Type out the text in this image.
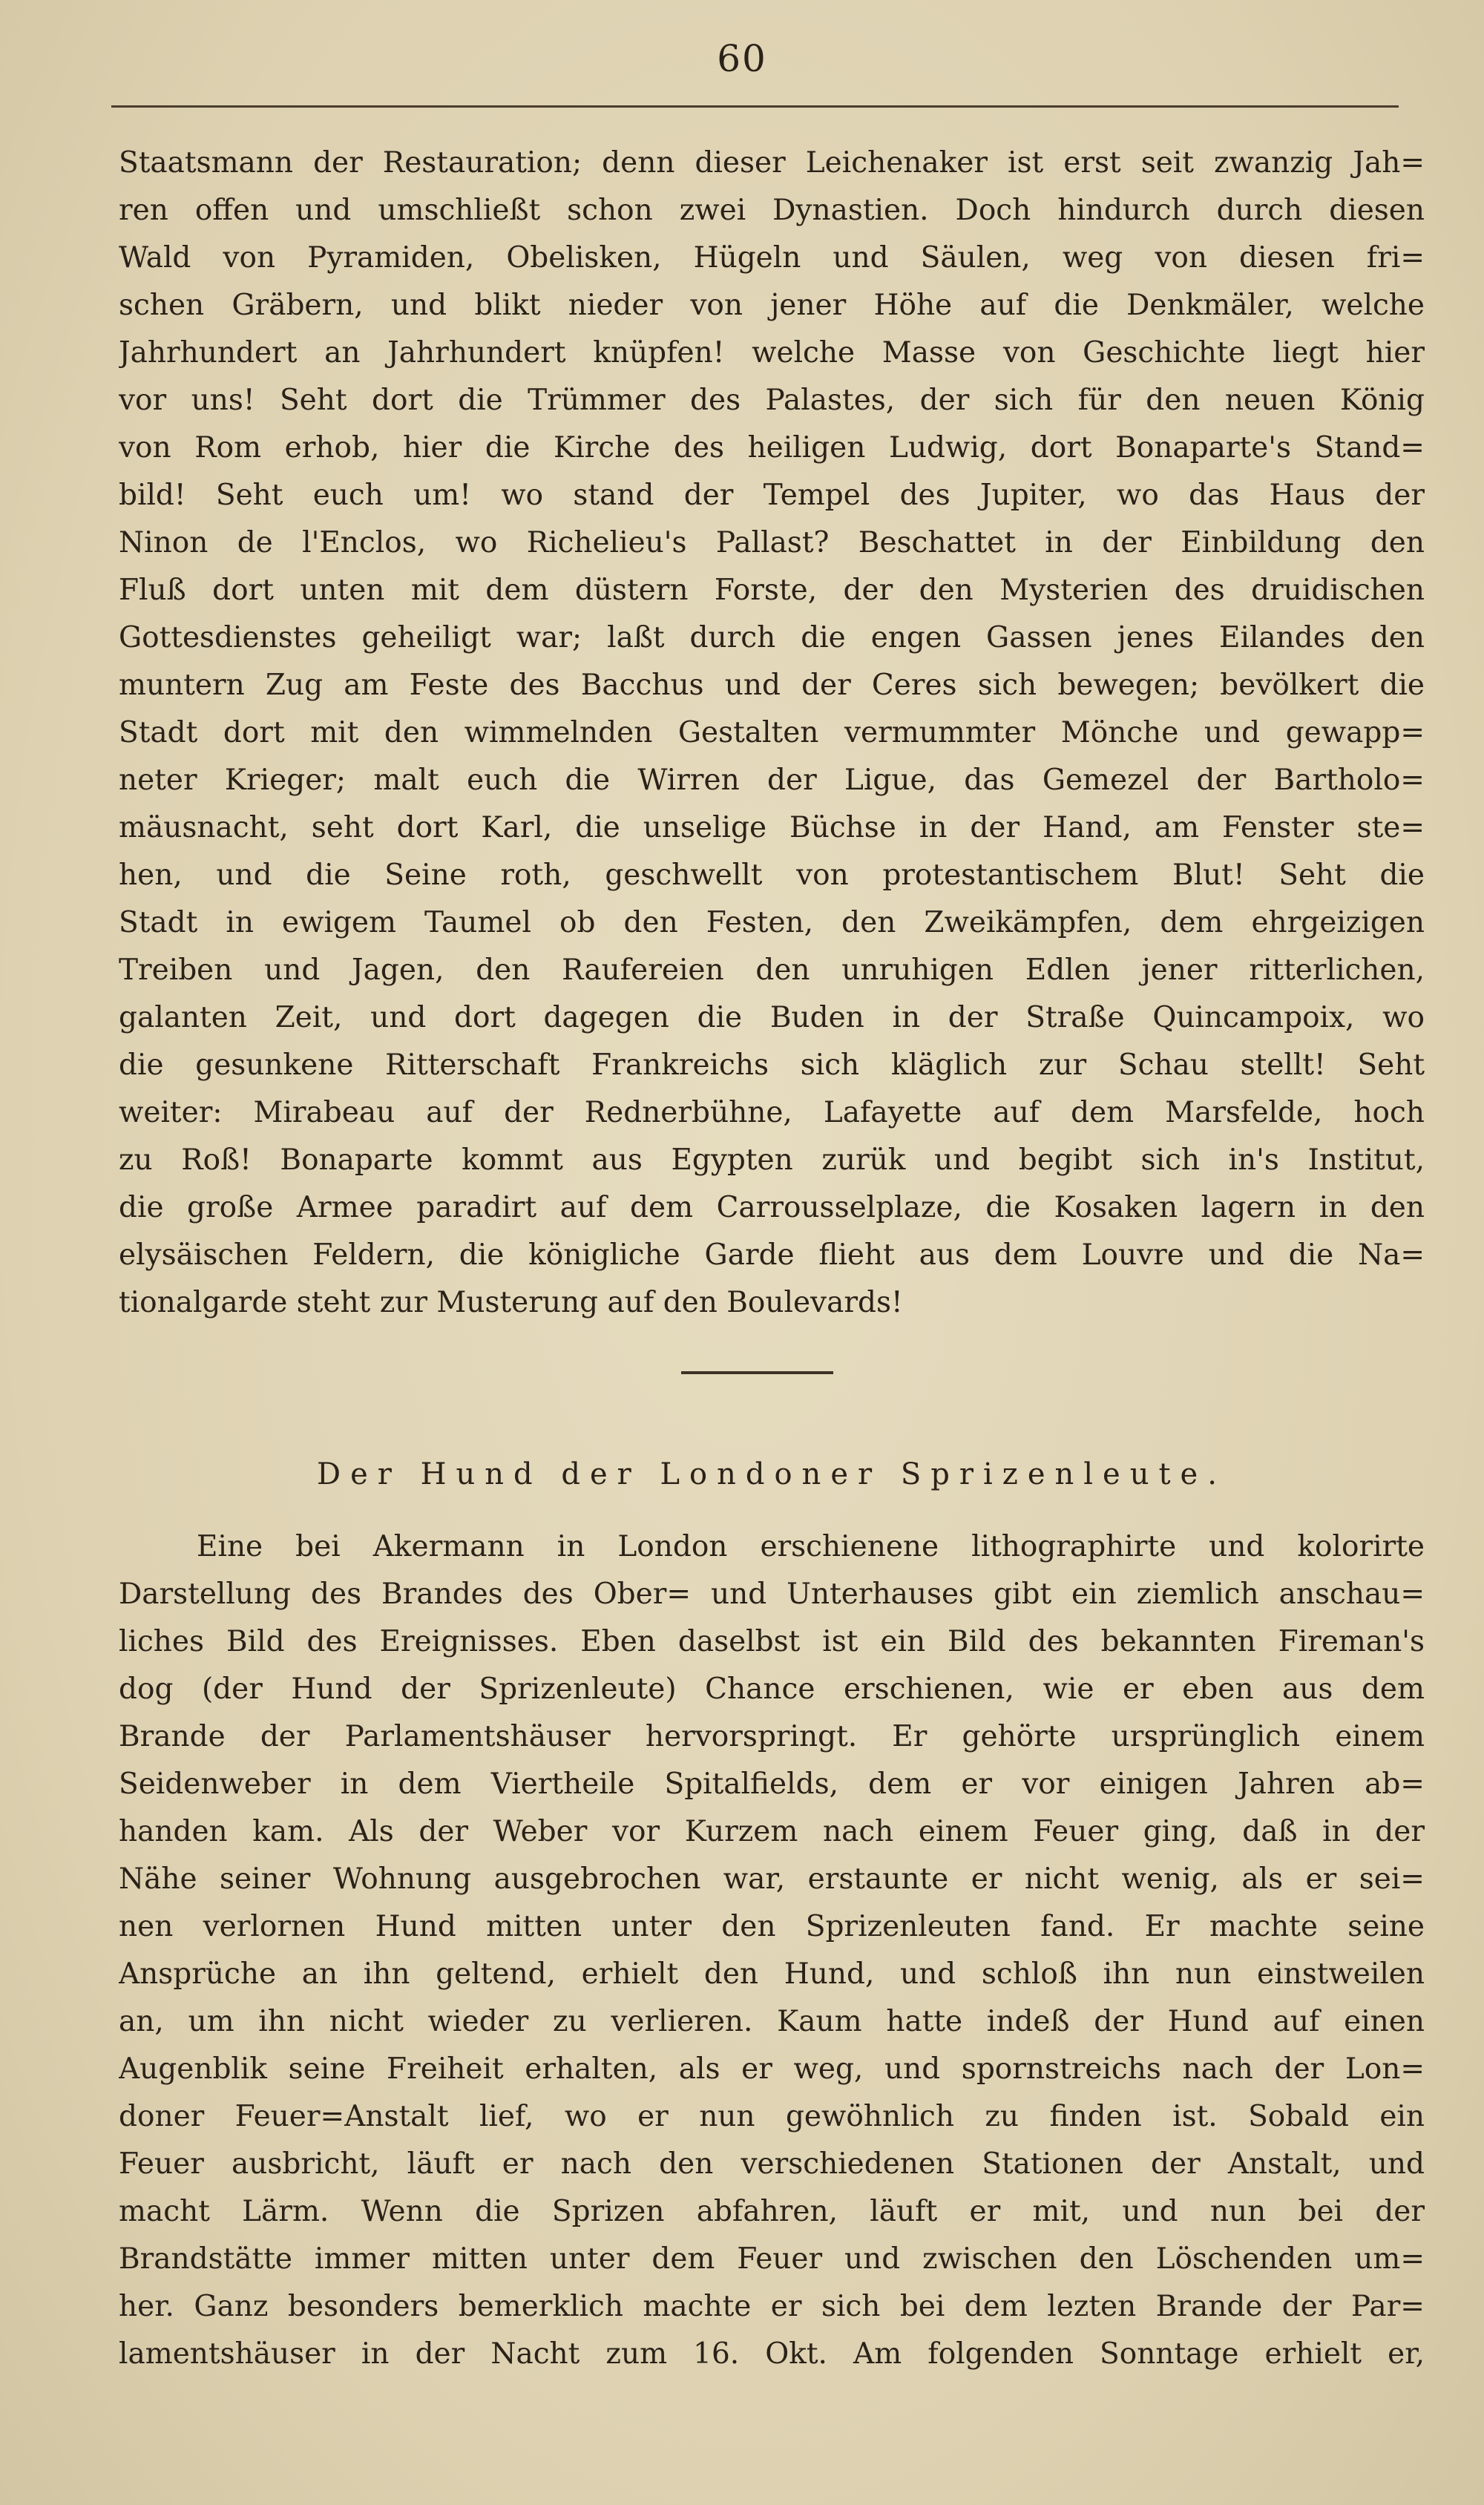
60
Staatsmann der Restauration; denn dieser Leichenaker ist erst seit zwanzig Jah=
ren offen und umschließt schon zwei Dynastien. Doch hindurch durch diesen
Wald von Pyramiden, Obelisken, Hügeln und Säulen, weg von diesen fri=
schen Gräbern, und blikt nieder von jener Höhe auf die Denkmäler, welche
Jahrhundert an Jahrhundert knüpfen! welche Masse von Geschichte liegt hier
vor uns! Seht dort die Trümmer des Palastes, der sich für den neuen König
von Rom erhob, hier die Kirche des heiligen Ludwig, dort Bonaparte's Stand=
bild! Seht euch um! wo stand der Tempel des Jupiter, wo das Haus der
Ninon de l'Enclos, wo Richelieu's Pallast? Beschattet in der Einbildung den
Fluß dort unten mit dem düstern Forste, der den Mysterien des druidischen
Gottesdienstes geheiligt war; laßt durch die engen Gassen jenes Eilandes den
muntern Zug am Feste des Bacchus und der Ceres sich bewegen; bevölkert die
Stadt dort mit den wimmelnden Gestalten vermummter Mönche und gewapp=
neter Krieger; malt euch die Wirren der Ligue, das Gemezel der Bartholo=
mäusnacht, seht dort Karl, die unselige Büchse in der Hand, am Fenster ste=
hen, und die Seine roth, geschwellt von protestantischem Blut! Seht die
Stadt in ewigem Taumel ob den Festen, den Zweikämpfen, dem ehrgeizigen
Treiben und Jagen, den Raufereien den unruhigen Edlen jener ritterlichen,
galanten Zeit, und dort dagegen die Buden in der Straße Quincampoix, wo
die gesunkene Ritterschaft Frankreichs sich kläglich zur Schau stellt! Seht
weiter: Mirabeau auf der Rednerbühne, Lafayette auf dem Marsfelde, hoch
zu Roß! Bonaparte kommt aus Egypten zurük und begibt sich in's Institut,
die große Armee paradirt auf dem Carrousselplaze, die Kosaken lagern in den
elysäischen Feldern, die königliche Garde flieht aus dem Louvre und die Na=
tionalgarde steht zur Musterung auf den Boulevards!
Der Hund der Londoner Sprizenleute.
Eine bei Akermann in London erschienene lithographirte und kolorirte
Darstellung des Brandes des Ober= und Unterhauses gibt ein ziemlich anschau=
liches Bild des Ereignisses. Eben daselbst ist ein Bild des bekannten Fireman's
dog (der Hund der Sprizenleute) Chance erschienen, wie er eben aus dem
Brande der Parlamentshäuser hervorspringt. Er gehörte ursprünglich einem
Seidenweber in dem Viertheile Spitalfields, dem er vor einigen Jahren ab=
handen kam. Als der Weber vor Kurzem nach einem Feuer ging, daß in der
Nähe seiner Wohnung ausgebrochen war, erstaunte er nicht wenig, als er sei=
nen verlornen Hund mitten unter den Sprizenleuten fand. Er machte seine
Ansprüche an ihn geltend, erhielt den Hund, und schloß ihn nun einstweilen
an, um ihn nicht wieder zu verlieren. Kaum hatte indeß der Hund auf einen
Augenblik seine Freiheit erhalten, als er weg, und spornstreichs nach der Lon=
doner Feuer=Anstalt lief, wo er nun gewöhnlich zu finden ist. Sobald ein
Feuer ausbricht, läuft er nach den verschiedenen Stationen der Anstalt, und
macht Lärm. Wenn die Sprizen abfahren, läuft er mit, und nun bei der
Brandstätte immer mitten unter dem Feuer und zwischen den Löschenden um=
her. Ganz besonders bemerklich machte er sich bei dem lezten Brande der Par=
lamentshäuser in der Nacht zum 16. Okt. Am folgenden Sonntage erhielt er,
